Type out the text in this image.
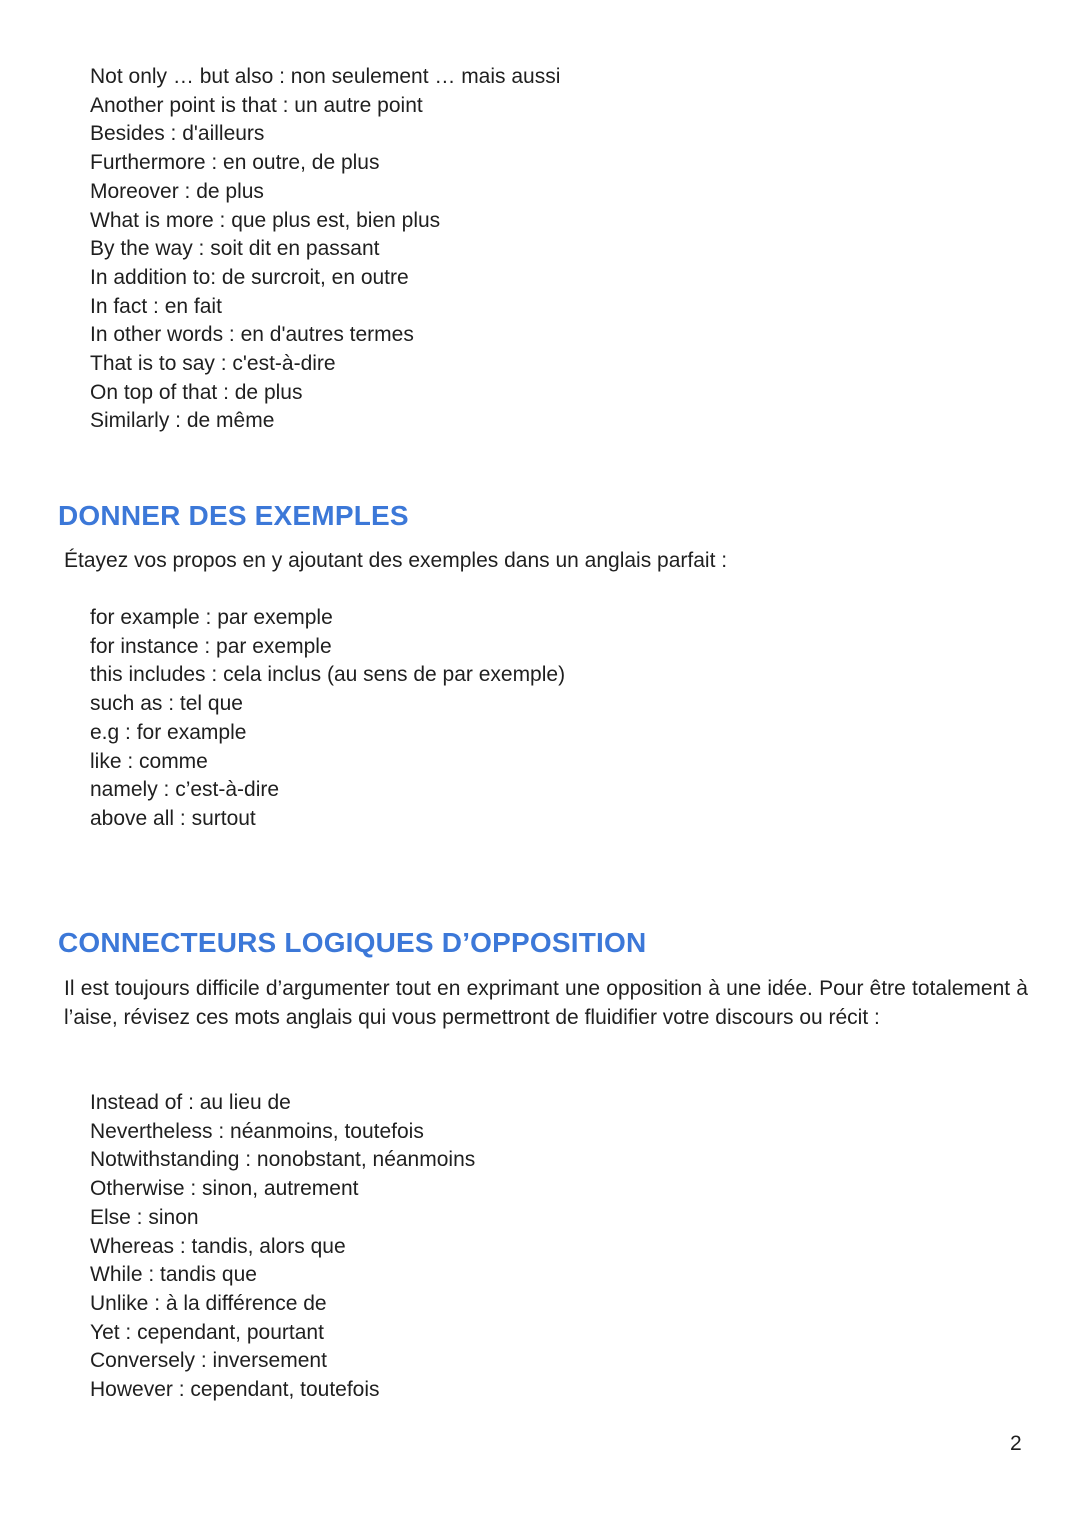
Not only … but also : non seulement … mais aussi
Another point is that : un autre point
Besides : d'ailleurs
Furthermore : en outre, de plus
Moreover : de plus
What is more : que plus est, bien plus
By the way : soit dit en passant
In addition to: de surcroit, en outre
In fact : en fait
In other words : en d'autres termes
That is to say : c'est-à-dire
On top of that : de plus
Similarly : de même
DONNER DES EXEMPLES

Étayez vos propos en y ajoutant des exemples dans un anglais parfait :

for example : par exemple
for instance : par exemple
this includes : cela inclus (au sens de par exemple)
such as : tel que
e.g : for example
like : comme
namely : c’est-à-dire
above all : surtout
CONNECTEURS LOGIQUES D’OPPOSITION

Il est toujours difficile d’argumenter tout en exprimant une opposition à une idée. Pour être totalement à l’aise, révisez ces mots anglais qui vous permettront de fluidifier votre discours ou récit :

Instead of : au lieu de
Nevertheless : néanmoins, toutefois
Notwithstanding : nonobstant, néanmoins
Otherwise : sinon, autrement
Else : sinon
Whereas : tandis, alors que
While : tandis que
Unlike : à la différence de
Yet : cependant, pourtant
Conversely : inversement
However : cependant, toutefois

2
